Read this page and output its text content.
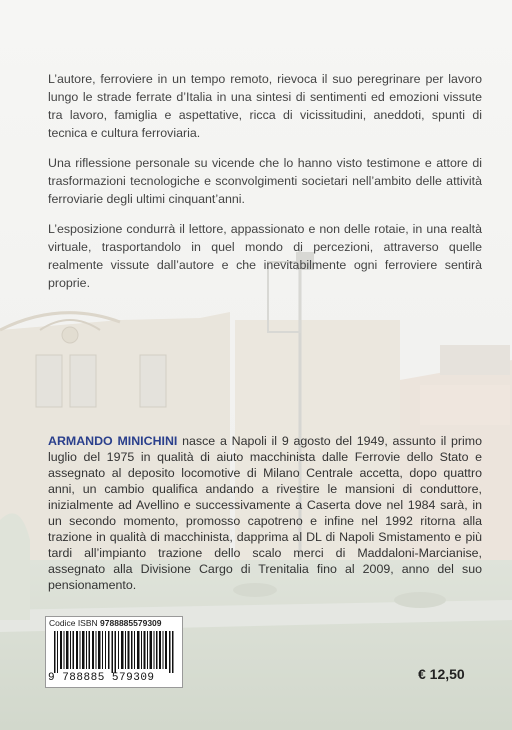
L’autore, ferroviere in un tempo remoto, rievoca il suo peregrinare per lavoro lungo le strade ferrate d’Italia in una sintesi di sentimenti ed emozioni vissute tra lavoro, famiglia e aspettative, ricca di vicissitudini, aneddoti, spunti di tecnica e cultura ferroviaria.

Una riflessione personale su vicende che lo hanno visto testimone e attore di trasformazioni tecnologiche e sconvolgimenti societari nell’ambito delle attività ferroviarie degli ultimi cinquant’anni.

L’esposizione condurrà il lettore, appassionato e non delle rotaie, in una realtà virtuale, trasportandolo in quel mondo di percezioni, attraverso quelle realmente vissute dall’autore e che inevitabilmente ogni ferroviere sentirà proprie.

ARMANDO MINICHINI nasce a Napoli il 9 agosto del 1949, assunto il primo luglio del 1975 in qualità di aiuto macchinista dalle Ferrovie dello Stato e assegnato al deposito locomotive di Milano Centrale accetta, dopo quattro anni, un cambio qualifica andando a rivestire le mansioni di conduttore, inizialmente ad Avellino e successivamente a Caserta dove nel 1984 sarà, in un secondo momento, promosso capotreno e infine nel 1992 ritorna alla trazione in qualità di macchinista, dapprima al DL di Napoli Smistamento e più tardi all’impianto trazione dello scalo merci di Maddaloni-Marcianise, assegnato alla Divisione Cargo di Trenitalia fino al 2009, anno del suo pensionamento.
Codice ISBN 9788885579309
9 788885 579309	€ 12,50
